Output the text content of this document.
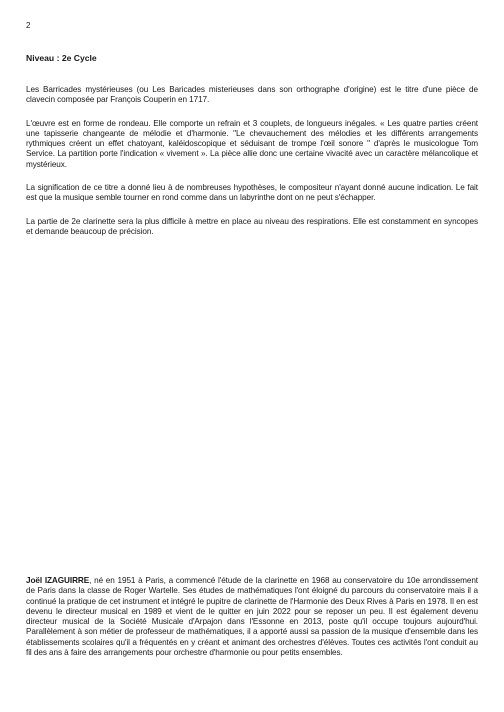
2
Niveau : 2e Cycle

Les Barricades mystérieuses (ou Les Baricades misterieuses dans son orthographe d'origine) est le titre d'une pièce de clavecin composée par François Couperin en 1717.

L'œuvre est en forme de rondeau. Elle comporte un refrain et 3 couplets, de longueurs inégales. « Les quatre parties créent une tapisserie changeante de mélodie et d'harmonie. "Le chevauchement des mélodies et les différents arrangements rythmiques créent un effet chatoyant, kaléidoscopique et séduisant de trompe l'œil sonore " d'après le musicologue Tom Service. La partition porte l'indication « vivement ». La pièce allie donc une certaine vivacité avec un caractère mélancolique et mystérieux.

La signification de ce titre a donné lieu à de nombreuses hypothèses, le compositeur n'ayant donné aucune indication. Le fait est que la musique semble tourner en rond comme dans un labyrinthe dont on ne peut s'échapper.

La partie de 2e clarinette sera la plus difficile à mettre en place au niveau des respirations. Elle est constamment en syncopes et demande beaucoup de précision.

Joël IZAGUIRRE, né en 1951 à Paris, a commencé l'étude de la clarinette en 1968 au conservatoire du 10e arrondissement de Paris dans la classe de Roger Wartelle. Ses études de mathématiques l'ont éloigné du parcours du conservatoire mais il a continué la pratique de cet instrument et intégré le pupitre de clarinette de l'Harmonie des Deux Rives à Paris en 1978. Il en est devenu le directeur musical en 1989 et vient de le quitter en juin 2022 pour se reposer un peu. Il est également devenu directeur musical de la Société Musicale d'Arpajon dans l'Essonne en 2013, poste qu'il occupe toujours aujourd'hui. Parallèlement à son métier de professeur de mathématiques, il a apporté aussi sa passion de la musique d'ensemble dans les établissements scolaires qu'il a fréquentés en y créant et animant des orchestres d'élèves. Toutes ces activités l'ont conduit au fil des ans à faire des arrangements pour orchestre d'harmonie ou pour petits ensembles.
